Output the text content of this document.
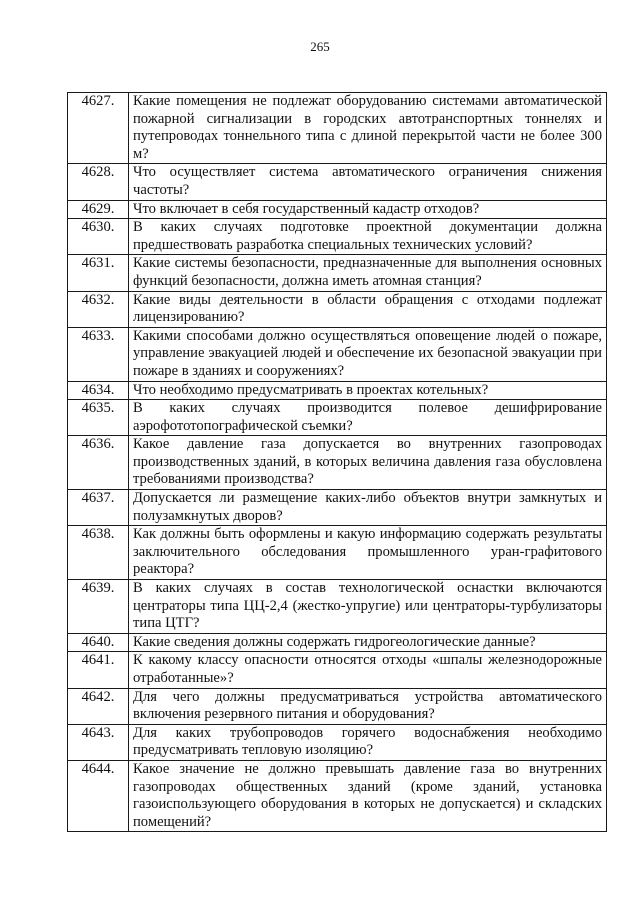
265
4627.	Какие помещения не подлежат оборудованию системами автоматической пожарной сигнализации в городских автотранспортных тоннелях и путепроводах тоннельного типа с длиной перекрытой части не более 300 м?
4628.	Что осуществляет система автоматического ограничения снижения частоты?
4629.	Что включает в себя государственный кадастр отходов?
4630.	В каких случаях подготовке проектной документации должна предшествовать разработка специальных технических условий?
4631.	Какие системы безопасности, предназначенные для выполнения основных функций безопасности, должна иметь атомная станция?
4632.	Какие виды деятельности в области обращения с отходами подлежат лицензированию?
4633.	Какими способами должно осуществляться оповещение людей о пожаре, управление эвакуацией людей и обеспечение их безопасной эвакуации при пожаре в зданиях и сооружениях?
4634.	Что необходимо предусматривать в проектах котельных?
4635.	В каких случаях производится полевое дешифрирование аэрофототопографической съемки?
4636.	Какое давление газа допускается во внутренних газопроводах производственных зданий, в которых величина давления газа обусловлена требованиями производства?
4637.	Допускается ли размещение каких-либо объектов внутри замкнутых и полузамкнутых дворов?
4638.	Как должны быть оформлены и какую информацию содержать результаты заключительного обследования промышленного уран-графитового реактора?
4639.	В каких случаях в состав технологической оснастки включаются центраторы типа ЦЦ-2,4 (жестко-упругие) или центраторы-турбулизаторы типа ЦТГ?
4640.	Какие сведения должны содержать гидрогеологические данные?
4641.	К какому классу опасности относятся отходы «шпалы железнодорожные отработанные»?
4642.	Для чего должны предусматриваться устройства автоматического включения резервного питания и оборудования?
4643.	Для каких трубопроводов горячего водоснабжения необходимо предусматривать тепловую изоляцию?
4644.	Какое значение не должно превышать давление газа во внутренних газопроводах общественных зданий (кроме зданий, установка газоиспользующего оборудования в которых не допускается) и складских помещений?
